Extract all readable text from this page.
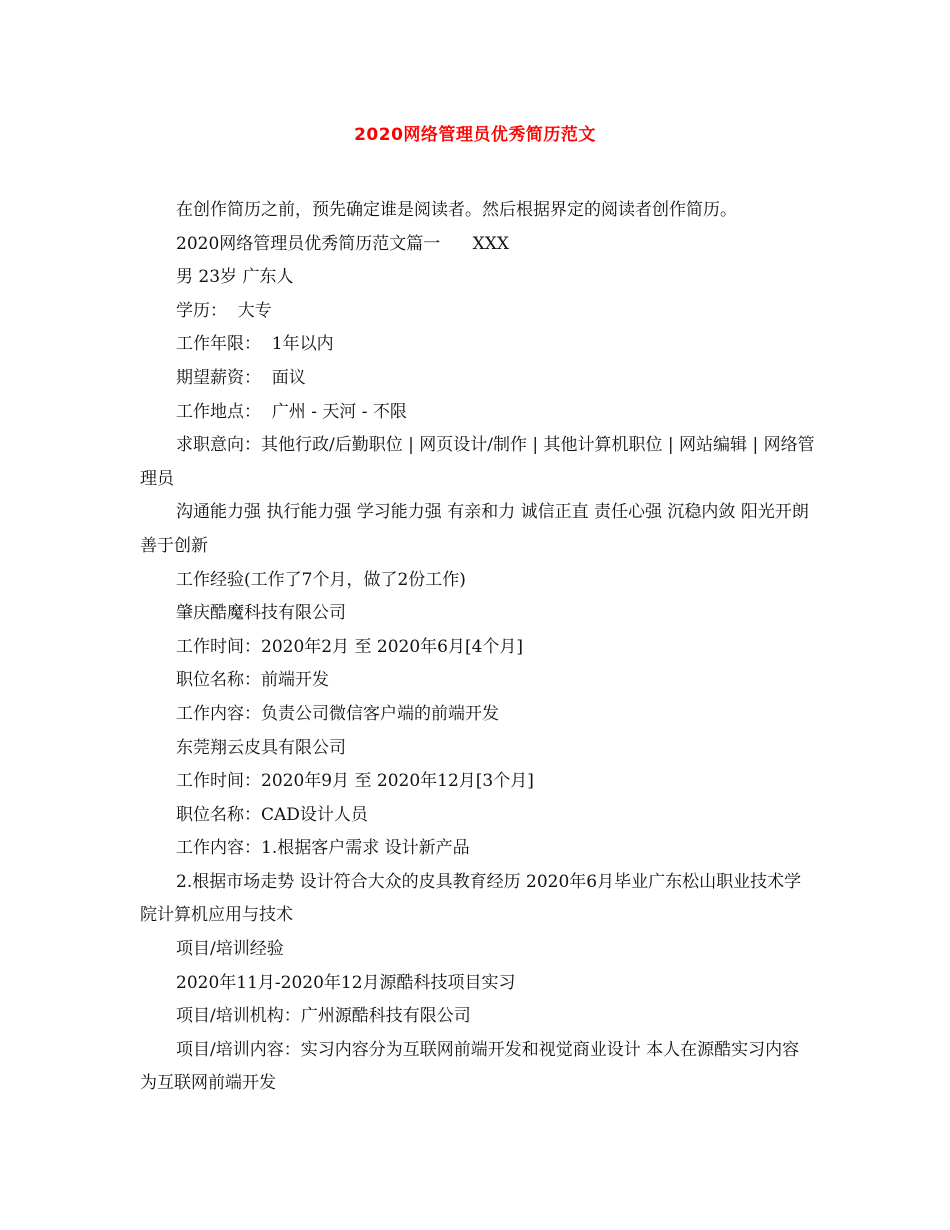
2020网络管理员优秀简历范文

在创作简历之前，预先确定谁是阅读者。然后根据界定的阅读者创作简历。

2020网络管理员优秀简历范文篇一      XXX

男 23岁 广东人

学历：  大专

工作年限：  1年以内

期望薪资：  面议

工作地点：  广州 - 天河 - 不限

求职意向：其他行政/后勤职位 | 网页设计/制作 | 其他计算机职位 | 网站编辑 | 网络管理员

沟通能力强 执行能力强 学习能力强 有亲和力 诚信正直 责任心强 沉稳内敛 阳光开朗 善于创新

工作经验(工作了7个月，做了2份工作)

肇庆酷魔科技有限公司

工作时间：2020年2月 至 2020年6月[4个月]

职位名称：前端开发

工作内容：负责公司微信客户端的前端开发

东莞翔云皮具有限公司

工作时间：2020年9月 至 2020年12月[3个月]

职位名称：CAD设计人员

工作内容：1.根据客户需求 设计新产品

2.根据市场走势 设计符合大众的皮具教育经历 2020年6月毕业广东松山职业技术学院计算机应用与技术

项目/培训经验

2020年11月-2020年12月源酷科技项目实习

项目/培训机构：广州源酷科技有限公司

项目/培训内容：实习内容分为互联网前端开发和视觉商业设计 本人在源酷实习内容为互联网前端开发
